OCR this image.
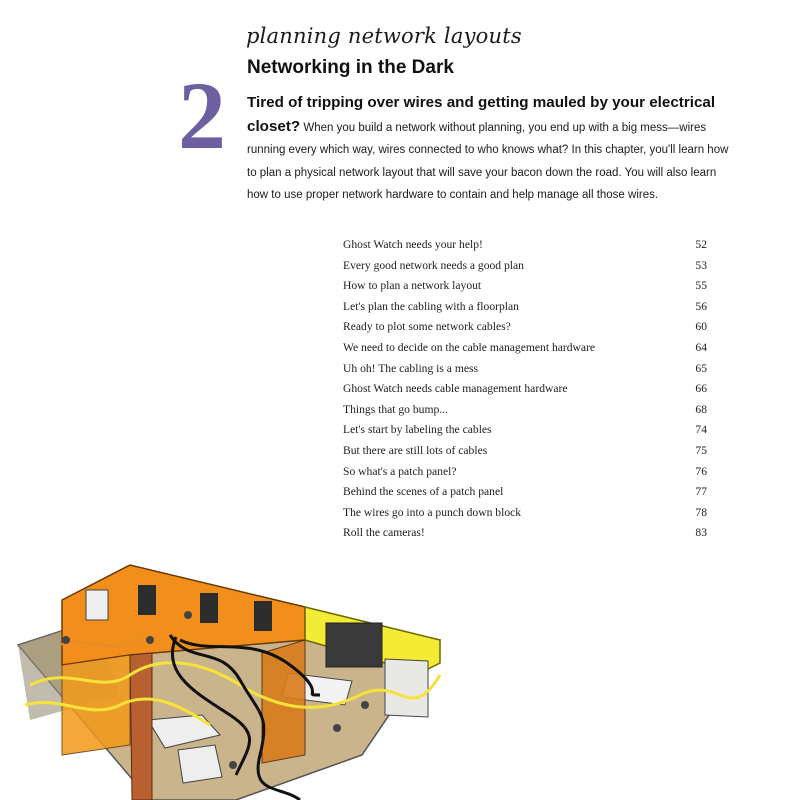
planning network layouts
2 Networking in the Dark
Tired of tripping over wires and getting mauled by your electrical closet? When you build a network without planning, you end up with a big mess—wires running every which way, wires connected to who knows what? In this chapter, you'll learn how to plan a physical network layout that will save your bacon down the road. You will also learn how to use proper network hardware to contain and help manage all those wires.
Ghost Watch needs your help!	52
Every good network needs a good plan	53
How to plan a network layout	55
Let's plan the cabling with a floorplan	56
Ready to plot some network cables?	60
We need to decide on the cable management hardware	64
Uh oh! The cabling is a mess	65
Ghost Watch needs cable management hardware	66
Things that go bump...	68
Let's start by labeling the cables	74
But there are still lots of cables	75
So what's a patch panel?	76
Behind the scenes of a patch panel	77
The wires go into a punch down block	78
Roll the cameras!	83
